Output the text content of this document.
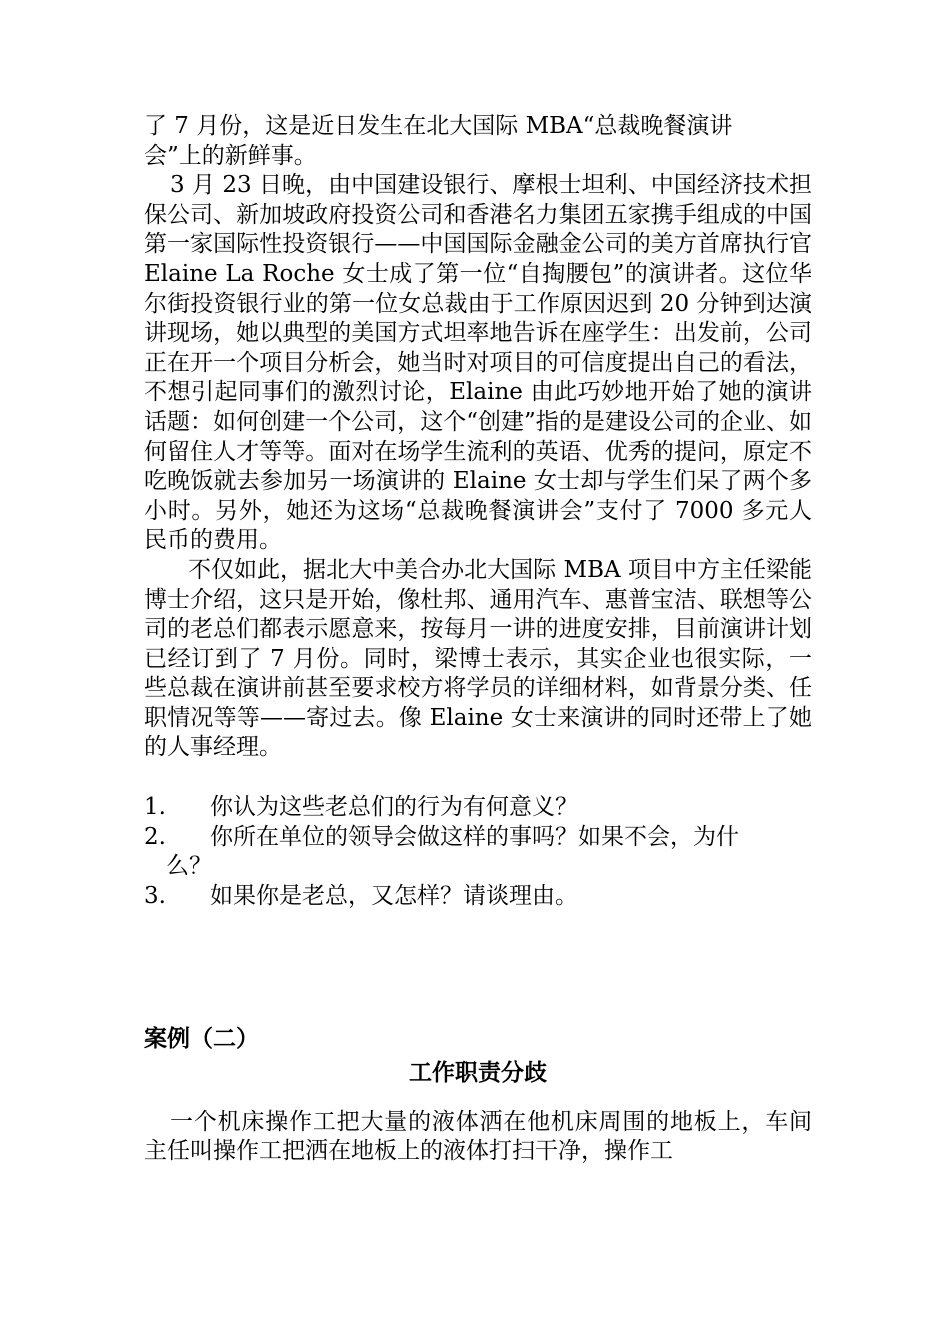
了 7 月份，这是近日发生在北大国际 MBA“总裁晚餐演讲
会”上的新鲜事。

3 月 23 日晚，由中国建设银行、摩根士坦利、中国经济技术担保公司、新加坡政府投资公司和香港名力集团五家携手组成的中国第一家国际性投资银行——中国国际金融金公司的美方首席执行官 Elaine La Roche 女士成了第一位“自掏腰包”的演讲者。这位华尔街投资银行业的第一位女总裁由于工作原因迟到 20 分钟到达演讲现场，她以典型的美国方式坦率地告诉在座学生：出发前，公司正在开一个项目分析会，她当时对项目的可信度提出自己的看法，不想引起同事们的激烈讨论，Elaine 由此巧妙地开始了她的演讲话题：如何创建一个公司，这个“创建”指的是建设公司的企业、如何留住人才等等。面对在场学生流利的英语、优秀的提问，原定不吃晚饭就去参加另一场演讲的 Elaine 女士却与学生们呆了两个多小时。另外，她还为这场“总裁晚餐演讲会”支付了 7000 多元人民币的费用。

不仅如此，据北大中美合办北大国际 MBA 项目中方主任梁能博士介绍，这只是开始，像杜邦、通用汽车、惠普宝洁、联想等公司的老总们都表示愿意来，按每月一讲的进度安排，目前演讲计划已经订到了 7 月份。同时，梁博士表示，其实企业也很实际，一些总裁在演讲前甚至要求校方将学员的详细材料，如背景分类、任职情况等等——寄过去。像 Elaine 女士来演讲的同时还带上了她的人事经理。

1.	你认为这些老总们的行为有何意义？
2.	你所在单位的领导会做这样的事吗？如果不会，为什
么？
3.	如果你是老总，又怎样？请谈理由。
案例（二）
工作职责分歧

一个机床操作工把大量的液体洒在他机床周围的地板上，车间主任叫操作工把洒在地板上的液体打扫干净，操作工
